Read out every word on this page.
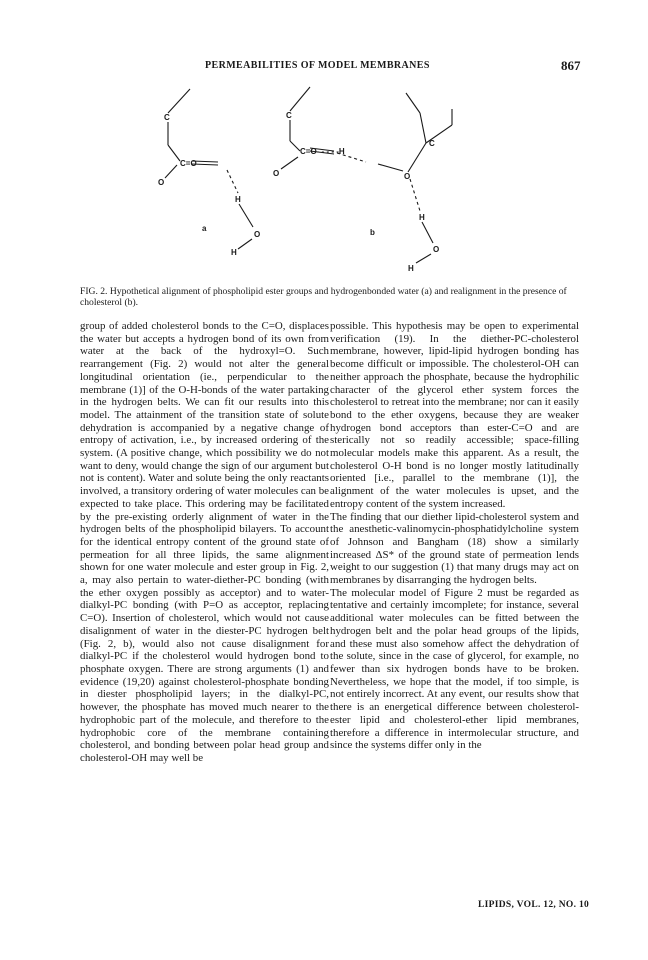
PERMEABILITIES OF MODEL MEMBRANES	867
C
C=O
O
H
O
H
a
C
C=O- - - - -H
O	O
C
H
O
H
b
FIG. 2. Hypothetical alignment of phospholipid ester groups and hydrogenbonded water (a) and realignment in the presence of cholesterol (b).
group of added cholesterol bonds to the C=O, displaces the water but accepts a hydrogen bond of its own from water at the back of the hydroxyl=O. Such rearrangement (Fig. 2) would not alter the general longitudinal orientation (ie., perpendicular to the membrane (1)] of the O-H-bonds of the water partaking in the hydrogen belts. We can fit our results into this model. The attainment of the transition state of solute dehydration is accompanied by a negative change of entropy of activation, i.e., by increased ordering of the system. (A positive change, which possibility we do not want to deny, would change the sign of our argument but not is content). Water and solute being the only reactants involved, a transitory ordering of water molecules can be expected to take place. This ordering may be facilitated by the pre-existing orderly alignment of water in the hydrogen belts of the phospholipid bilayers. To account for the identical entropy content of the ground state of permeation for all three lipids, the same alignment shown for one water molecule and ester group in Fig. 2, a, may also pertain to water-diether-PC bonding (with the ether oxygen possibly as acceptor) and to water-dialkyl-PC bonding (with P=O as acceptor, replacing C=O). Insertion of cholesterol, which would not cause disalignment of water in the diester-PC hydrogen belt (Fig. 2, b), would also not cause disalignment for dialkyl-PC if the cholesterol would hydrogen bond to phosphate oxygen. There are strong arguments (1) and evidence (19,20) against cholesterol-phosphate bonding in diester phospholipid layers; in the dialkyl-PC, however, the phosphate has moved much nearer to the hydrophobic part of the molecule, and therefore to the hydrophobic core of the membrane containing cholesterol, and bonding between polar head group and cholesterol-OH may well be
possible. This hypothesis may be open to experimental verification (19). In the diether-PC-cholesterol membrane, however, lipid-lipid hydrogen bonding has become difficult or impossible. The cholesterol-OH can neither approach the phosphate, because the hydrophilic character of the glycerol ether system forces the cholesterol to retreat into the membrane; nor can it easily bond to the ether oxygens, because they are weaker hydrogen bond acceptors than ester-C=O and are sterically not so readily accessible; space-filling molecular models make this apparent. As a result, the cholesterol O-H bond is no longer mostly latitudinally oriented [i.e., parallel to the membrane (1)], the alignment of the water molecules is upset, and the entropy content of the system increased.
The finding that our diether lipid-cholesterol system and the anesthetic-valinomycin-phosphatidylcholine system of Johnson and Bangham (18) show a similarly increased ΔS* of the ground state of permeation lends weight to our suggestion (1) that many drugs may act on membranes by disarranging the hydrogen belts.
The molecular model of Figure 2 must be regarded as tentative and certainly imcomplete; for instance, several additional water molecules can be fitted between the hydrogen belt and the polar head groups of the lipids, and these must also somehow affect the dehydration of the solute, since in the case of glycerol, for example, no fewer than six hydrogen bonds have to be broken. Nevertheless, we hope that the model, if too simple, is not entirely incorrect. At any event, our results show that there is an energetical difference between cholesterol-ester lipid and cholesterol-ether lipid membranes, therefore a difference in intermolecular structure, and since the systems differ only in the
LIPIDS, VOL. 12, NO. 10
